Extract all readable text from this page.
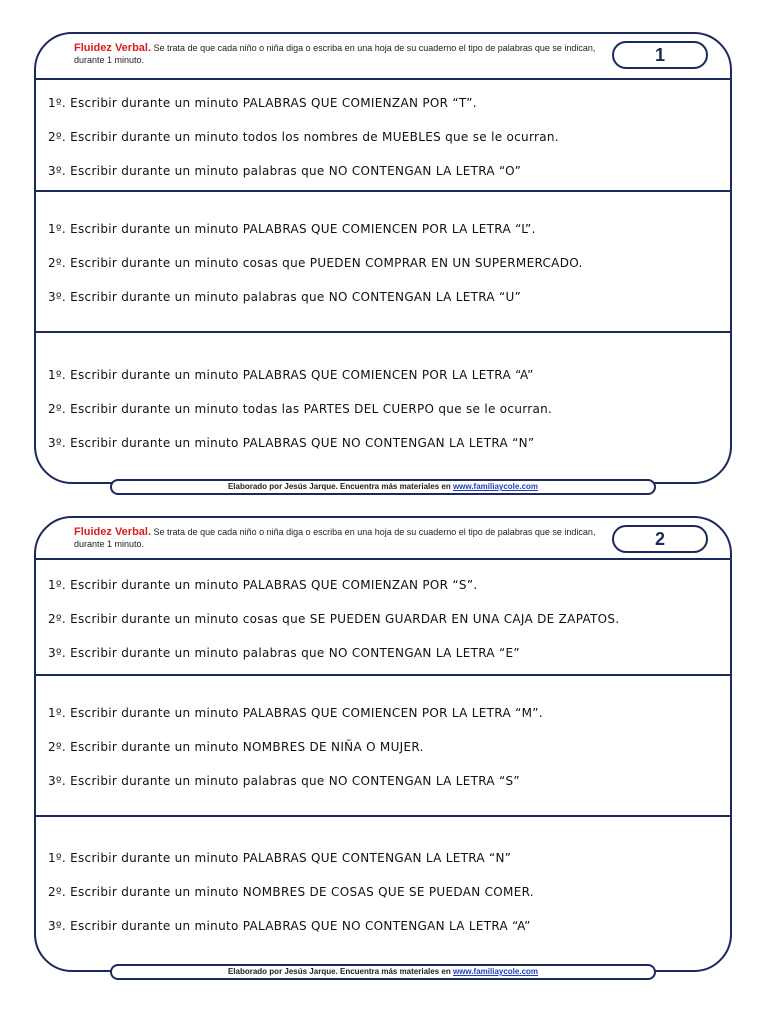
Fluidez Verbal. Se trata de que cada niño o niña diga o escriba en una hoja de su cuaderno el tipo de palabras que se indican, durante 1 minuto.	1
1º. Escribir durante un minuto PALABRAS QUE COMIENZAN POR “T”.
2º. Escribir durante un minuto todos los nombres de MUEBLES que se le ocurran.
3º. Escribir durante un minuto palabras que NO CONTENGAN LA LETRA “O”
1º. Escribir durante un minuto PALABRAS QUE COMIENCEN POR LA LETRA “L”.
2º. Escribir durante un minuto cosas que PUEDEN COMPRAR EN UN SUPERMERCADO.
3º. Escribir durante un minuto palabras que NO CONTENGAN LA LETRA “U”
1º. Escribir durante un minuto PALABRAS QUE COMIENCEN POR LA LETRA “A”
2º. Escribir durante un minuto todas las PARTES DEL CUERPO que se le ocurran.
3º. Escribir durante un minuto PALABRAS QUE NO CONTENGAN LA LETRA “N”
Elaborado por Jesús Jarque. Encuentra más materiales en www.familiaycole.com
Fluidez Verbal. Se trata de que cada niño o niña diga o escriba en una hoja de su cuaderno el tipo de palabras que se indican, durante 1 minuto.	2
1º. Escribir durante un minuto PALABRAS QUE COMIENZAN POR “S”.
2º. Escribir durante un minuto cosas que SE PUEDEN GUARDAR EN UNA CAJA DE ZAPATOS.
3º. Escribir durante un minuto palabras que NO CONTENGAN LA LETRA “E”
1º. Escribir durante un minuto PALABRAS QUE COMIENCEN POR LA LETRA “M”.
2º. Escribir durante un minuto NOMBRES DE NIÑA O MUJER.
3º. Escribir durante un minuto palabras que NO CONTENGAN LA LETRA “S”
1º. Escribir durante un minuto PALABRAS QUE CONTENGAN LA LETRA “N”
2º. Escribir durante un minuto NOMBRES DE COSAS QUE SE PUEDAN COMER.
3º. Escribir durante un minuto PALABRAS QUE NO CONTENGAN LA LETRA “A”
Elaborado por Jesús Jarque. Encuentra más materiales en www.familiaycole.com
